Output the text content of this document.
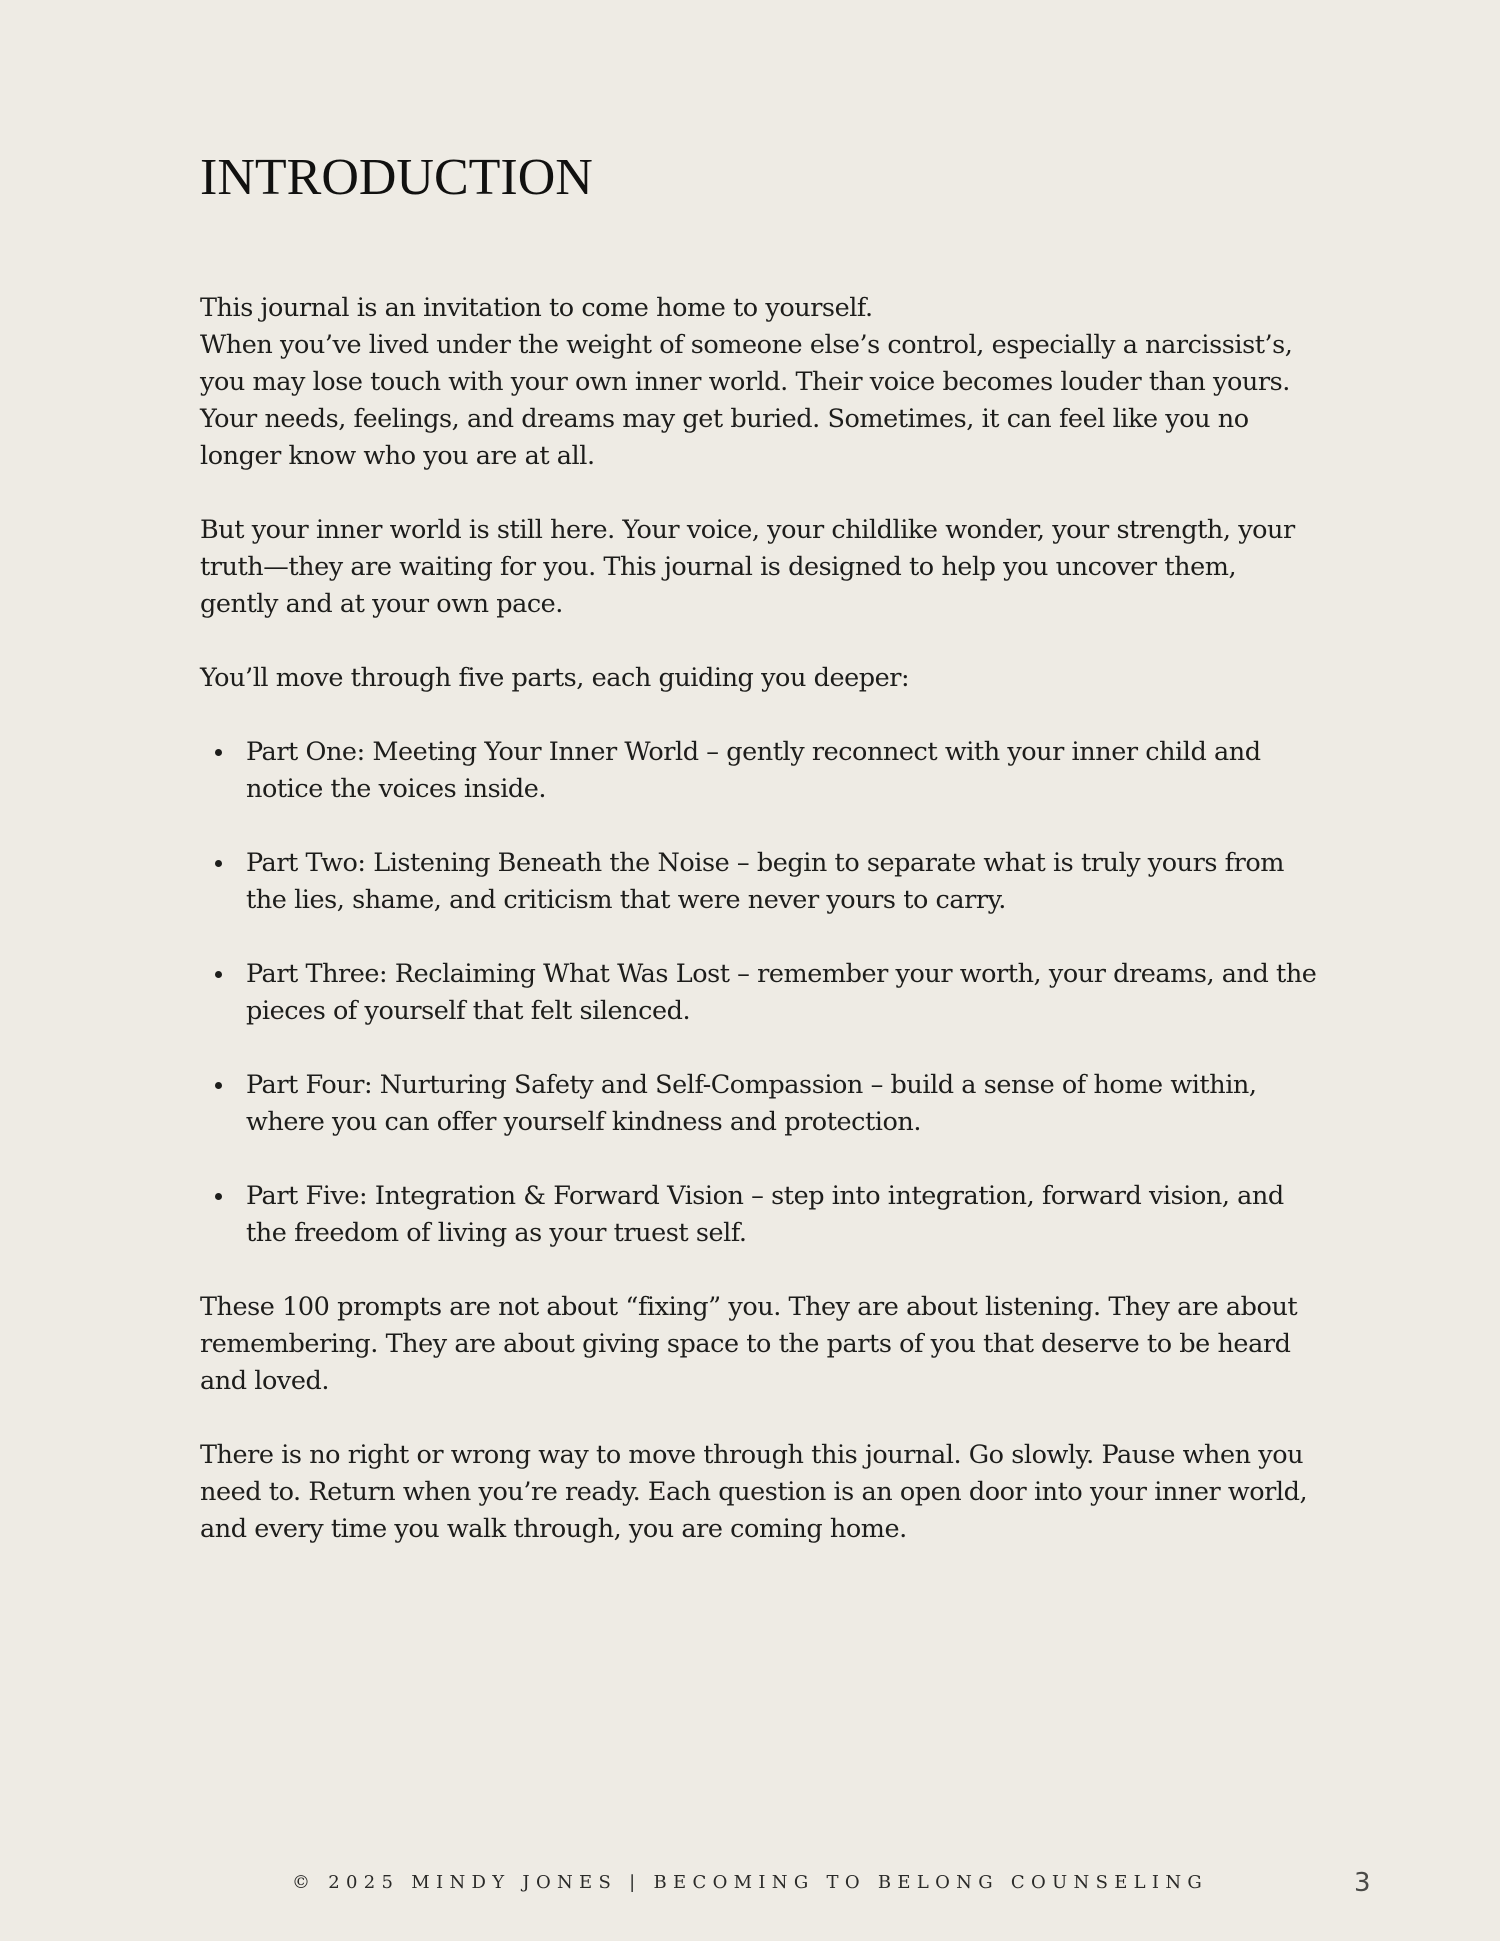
INTRODUCTION

This journal is an invitation to come home to yourself.

When you’ve lived under the weight of someone else’s control, especially a narcissist’s, you may lose touch with your own inner world. Their voice becomes louder than yours. Your needs, feelings, and dreams may get buried. Sometimes, it can feel like you no longer know who you are at all.

But your inner world is still here. Your voice, your childlike wonder, your strength, your truth—they are waiting for you. This journal is designed to help you uncover them, gently and at your own pace.

You’ll move through five parts, each guiding you deeper:

Part One: Meeting Your Inner World – gently reconnect with your inner child and notice the voices inside.
Part Two: Listening Beneath the Noise – begin to separate what is truly yours from the lies, shame, and criticism that were never yours to carry.
Part Three: Reclaiming What Was Lost – remember your worth, your dreams, and the pieces of yourself that felt silenced.
Part Four: Nurturing Safety and Self-Compassion – build a sense of home within, where you can offer yourself kindness and protection.
Part Five: Integration & Forward Vision – step into integration, forward vision, and the freedom of living as your truest self.

These 100 prompts are not about “fixing” you. They are about listening. They are about remembering. They are about giving space to the parts of you that deserve to be heard and loved.

There is no right or wrong way to move through this journal. Go slowly. Pause when you need to. Return when you’re ready. Each question is an open door into your inner world, and every time you walk through, you are coming home.

© 2025 MINDY JONES | BECOMING TO BELONG COUNSELING	3
